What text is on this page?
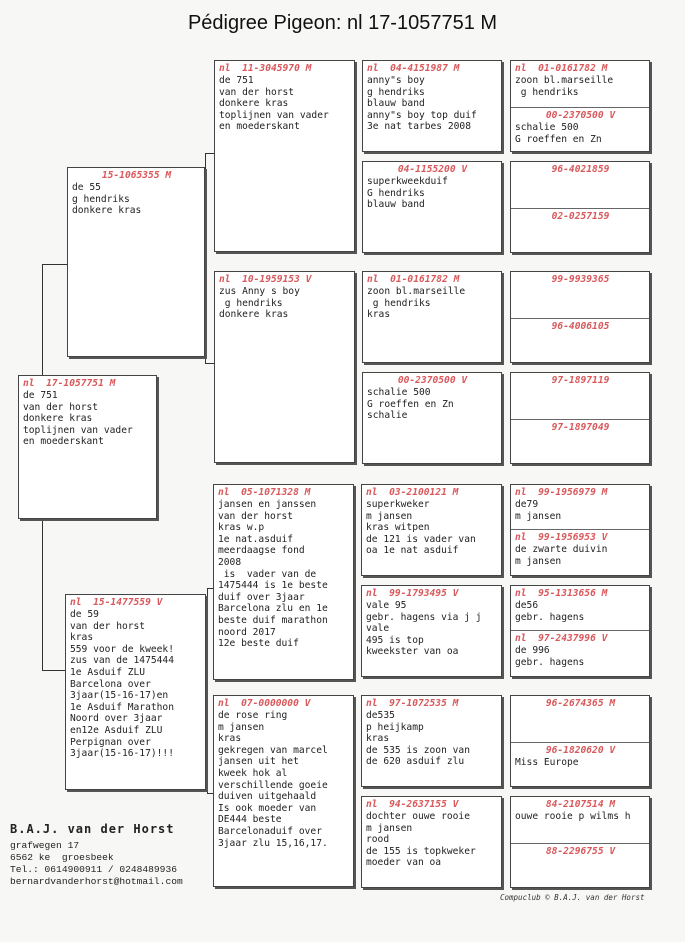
Pédigree Pigeon: nl 17-1057751 M
nl  17-1057751 M
de 751
van der horst
donkere kras
toplijnen van vader
en moederskant
15-1065355 M
de 55
g hendriks
donkere kras
nl  15-1477559 V
de 59
van der horst
kras
559 voor de kweek!
zus van de 1475444
1e Asduif ZLU
Barcelona over
3jaar(15-16-17)en
1e Asduif Marathon
Noord over 3jaar
en12e Asduif ZLU
Perpignan over
3jaar(15-16-17)!!!
nl  11-3045970 M
de 751
van der horst
donkere kras
toplijnen van vader
en moederskant
nl  10-1959153 V
zus Anny s boy
g hendriks
donkere kras
nl  05-1071328 M
jansen en janssen
van der horst
kras w.p
1e nat.asduif
meerdaagse fond
2008
is  vader van de
1475444 is 1e beste
duif over 3jaar
Barcelona zlu en 1e
beste duif marathon
noord 2017
12e beste duif
nl  07-0000000 V
de rose ring
m jansen
kras
gekregen van marcel
jansen uit het
kweek hok al
verschillende goeie
duiven uitgehaald
Is ook moeder van
DE444 beste
Barcelonaduif over
3jaar zlu 15,16,17.
nl  04-4151987 M
anny"s boy
g hendriks
blauw band
anny"s boy top duif
3e nat tarbes 2008
04-1155200 V
superkweekduif
G hendriks
blauw band
nl  01-0161782 M
zoon bl.marseille
g hendriks
kras
00-2370500 V
schalie 500
G roeffen en Zn
schalie
nl  03-2100121 M
superkweker
m jansen
kras witpen
de 121 is vader van
oa 1e nat asduif
nl  99-1793495 V
vale 95
gebr. hagens via j j
vale
495 is top
kweekster van oa
nl  97-1072535 M
de535
p heijkamp
kras
de 535 is zoon van
de 620 asduif zlu
nl  94-2637155 V
dochter ouwe rooie
m jansen
rood
de 155 is topkweker
moeder van oa
nl  01-0161782 M
zoon bl.marseille
g hendriks
00-2370500 V
schalie 500
G roeffen en Zn
96-4021859
02-0257159
99-9939365
96-4006105
97-1897119
97-1897049
nl  99-1956979 M
de79
m jansen
nl  99-1956953 V
de zwarte duivin
m jansen
nl  95-1313656 M
de56
gebr. hagens
nl  97-2437996 V
de 996
gebr. hagens
96-2674365 M
96-1820620 V
Miss Europe
84-2107514 M
ouwe rooie p wilms h
88-2296755 V
B.A.J. van der Horst
grafwegen 17
6562 ke  groesbeek
Tel.: 0614900911 / 0248489936
bernardvanderhorst@hotmail.com
Compuclub © B.A.J. van der Horst
